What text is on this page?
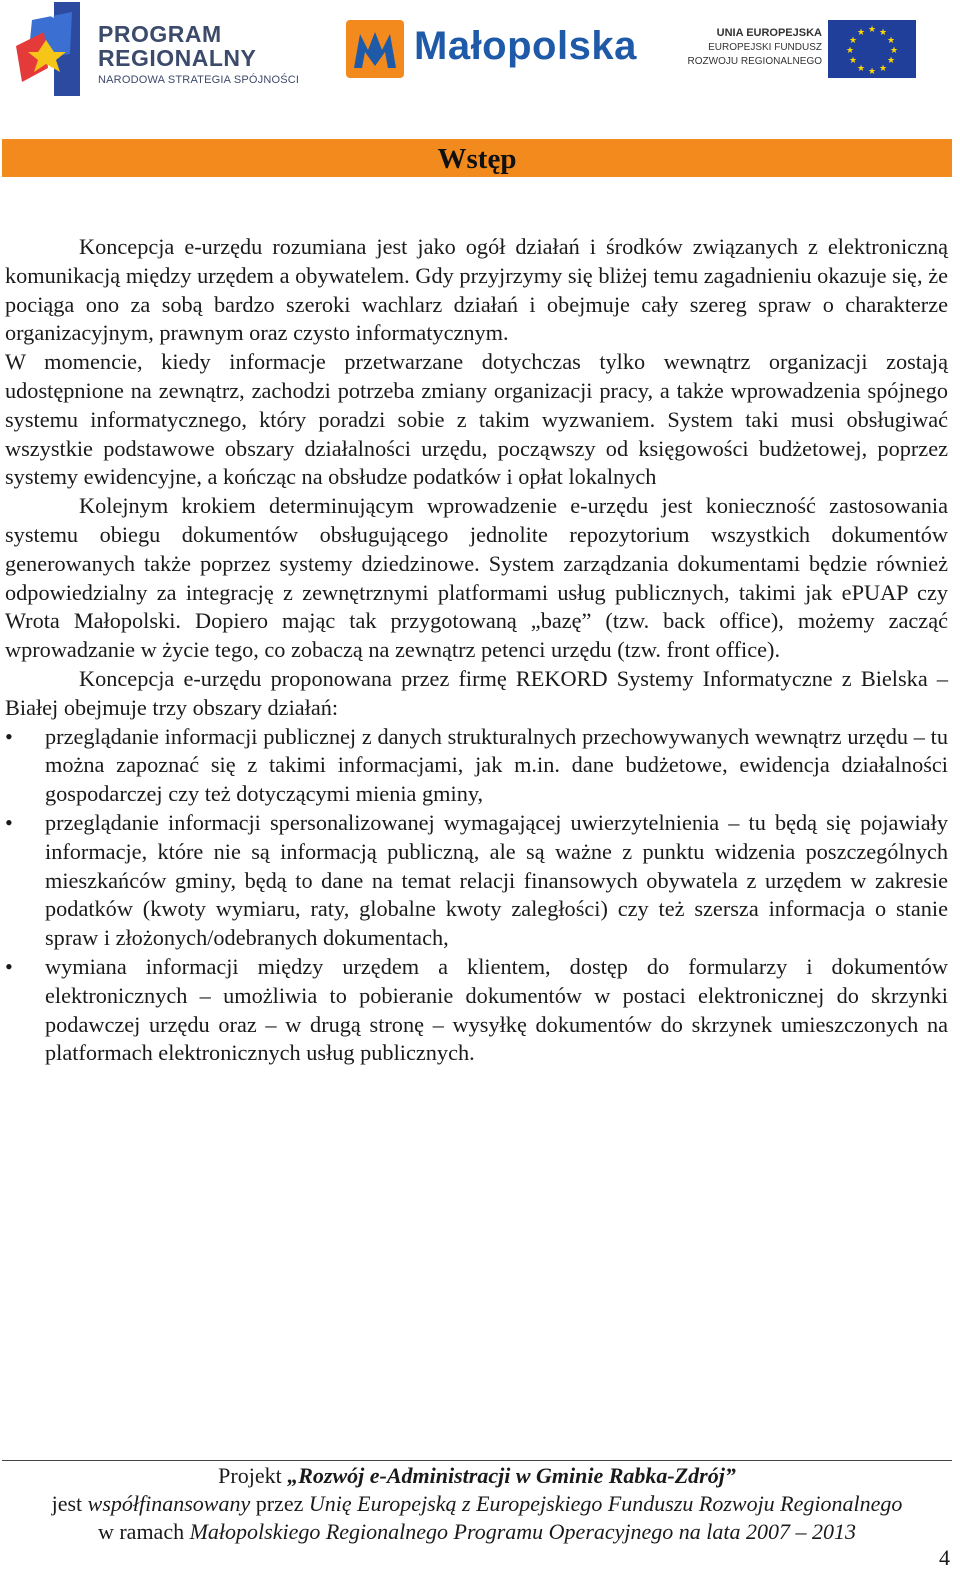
PROGRAM
REGIONALNY
NARODOWA STRATEGIA SPÓJNOŚCI
Małopolska	UNIA EUROPEJSKA
EUROPEJSKI FUNDUSZ
ROZWOJU REGIONALNEGO
★ ★
★
★
★
★
★
★
★
★
★
★
Wstęp

Koncepcja e-urzędu rozumiana jest jako ogół działań i środków związanych z elektroniczną komunikacją między urzędem a obywatelem. Gdy przyjrzymy się bliżej temu zagadnieniu okazuje się, że pociąga ono za sobą bardzo szeroki wachlarz działań i obejmuje cały szereg spraw o charakterze organizacyjnym, prawnym oraz czysto informatycznym.

W momencie, kiedy informacje przetwarzane dotychczas tylko wewnątrz organizacji zostają udostępnione na zewnątrz, zachodzi potrzeba zmiany organizacji pracy, a także wprowadzenia spójnego systemu informatycznego, który poradzi sobie z takim wyzwaniem. System taki musi obsługiwać wszystkie podstawowe obszary działalności urzędu, począwszy od księgowości budżetowej, poprzez systemy ewidencyjne, a kończąc na obsłudze podatków i opłat lokalnych

Kolejnym krokiem determinującym wprowadzenie e-urzędu jest konieczność zastosowania systemu obiegu dokumentów obsługującego jednolite repozytorium wszystkich dokumentów generowanych także poprzez systemy dziedzinowe. System zarządzania dokumentami będzie również odpowiedzialny za integrację z zewnętrznymi platformami usług publicznych, takimi jak ePUAP czy Wrota Małopolski. Dopiero mając tak przygotowaną „bazę” (tzw. back office), możemy zacząć wprowadzanie w życie tego, co zobaczą na zewnątrz petenci urzędu (tzw. front office).

Koncepcja e-urzędu proponowana przez firmę REKORD Systemy Informatyczne z Bielska – Białej obejmuje trzy obszary działań:

• przeglądanie informacji publicznej z danych strukturalnych przechowywanych wewnątrz urzędu – tu można zapoznać się z takimi informacjami, jak m.in. dane budżetowe, ewidencja działalności gospodarczej czy też dotyczącymi mienia gminy,
• przeglądanie informacji spersonalizowanej wymagającej uwierzytelnienia – tu będą się pojawiały informacje, które nie są informacją publiczną, ale są ważne z punktu widzenia poszczególnych mieszkańców gminy, będą to dane na temat relacji finansowych obywatela z urzędem w zakresie podatków (kwoty wymiaru, raty, globalne kwoty zaległości) czy też szersza informacja o stanie spraw i złożonych/odebranych dokumentach,
• wymiana informacji między urzędem a klientem, dostęp do formularzy i dokumentów elektronicznych – umożliwia to pobieranie dokumentów w postaci elektronicznej do skrzynki podawczej urzędu oraz – w drugą stronę – wysyłkę dokumentów do skrzynek umieszczonych na platformach elektronicznych usług publicznych.
Projekt „Rozwój e-Administracji w Gminie Rabka-Zdrój”
jest współfinansowany przez Unię Europejską z Europejskiego Funduszu Rozwoju Regionalnego
w ramach Małopolskiego Regionalnego Programu Operacyjnego na lata 2007 – 2013
4
